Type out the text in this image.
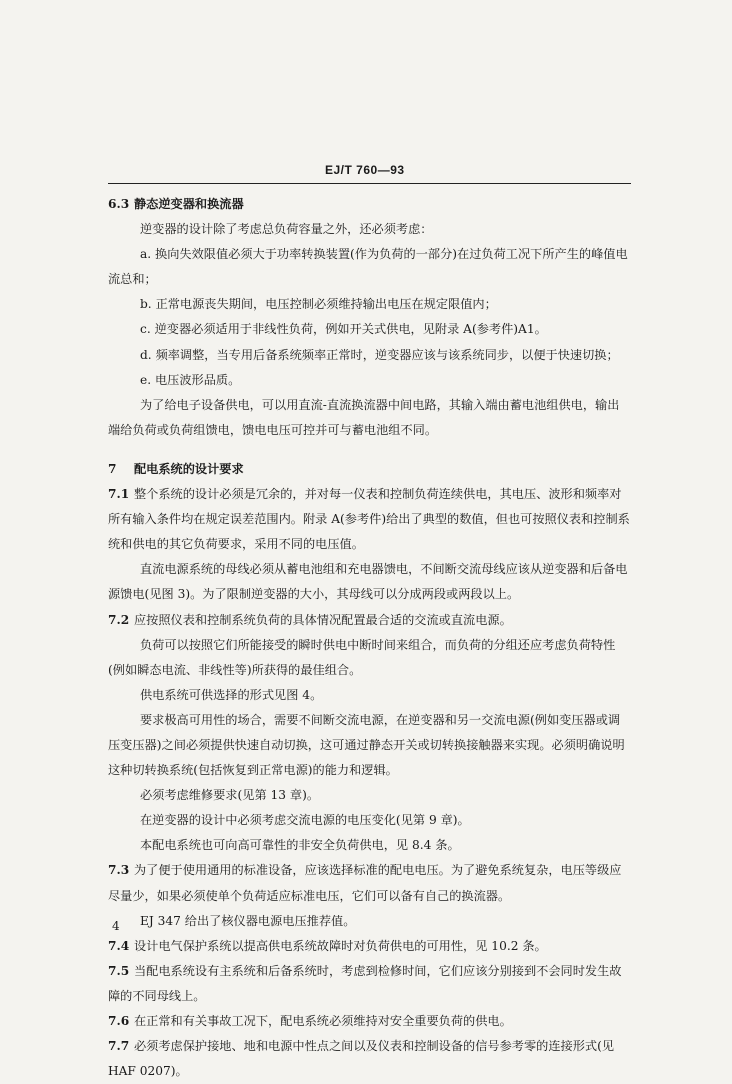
EJ/T 760—93

6.3 静态逆变器和换流器

逆变器的设计除了考虑总负荷容量之外，还必须考虑：

a. 换向失效限值必须大于功率转换装置(作为负荷的一部分)在过负荷工况下所产生的峰值电流总和；

b. 正常电源丧失期间，电压控制必须维持输出电压在规定限值内；

c. 逆变器必须适用于非线性负荷，例如开关式供电，见附录 A(参考件)A1。

d. 频率调整，当专用后备系统频率正常时，逆变器应该与该系统同步，以便于快速切换；

e. 电压波形品质。

为了给电子设备供电，可以用直流-直流换流器中间电路，其输入端由蓄电池组供电，输出端给负荷或负荷组馈电，馈电电压可控并可与蓄电池组不同。

7 配电系统的设计要求

7.1 整个系统的设计必须是冗余的，并对每一仪表和控制负荷连续供电，其电压、波形和频率对所有输入条件均在规定误差范围内。附录 A(参考件)给出了典型的数值，但也可按照仪表和控制系统和供电的其它负荷要求，采用不同的电压值。

直流电源系统的母线必须从蓄电池组和充电器馈电，不间断交流母线应该从逆变器和后备电源馈电(见图 3)。为了限制逆变器的大小，其母线可以分成两段或两段以上。

7.2 应按照仪表和控制系统负荷的具体情况配置最合适的交流或直流电源。

负荷可以按照它们所能接受的瞬时供电中断时间来组合，而负荷的分组还应考虑负荷特性(例如瞬态电流、非线性等)所获得的最佳组合。

供电系统可供选择的形式见图 4。

要求极高可用性的场合，需要不间断交流电源，在逆变器和另一交流电源(例如变压器或调压变压器)之间必须提供快速自动切换，这可通过静态开关或切转换接触器来实现。必须明确说明这种切转换系统(包括恢复到正常电源)的能力和逻辑。

必须考虑维修要求(见第 13 章)。

在逆变器的设计中必须考虑交流电源的电压变化(见第 9 章)。

本配电系统也可向高可靠性的非安全负荷供电，见 8.4 条。

7.3 为了便于使用通用的标准设备，应该选择标准的配电电压。为了避免系统复杂，电压等级应尽量少，如果必须使单个负荷适应标准电压，它们可以备有自己的换流器。

EJ 347 给出了核仪器电源电压推荐值。

7.4 设计电气保护系统以提高供电系统故障时对负荷供电的可用性，见 10.2 条。

7.5 当配电系统设有主系统和后备系统时，考虑到检修时间，它们应该分别接到不会同时发生故障的不同母线上。

7.6 在正常和有关事故工况下，配电系统必须维持对安全重要负荷的供电。

7.7 必须考虑保护接地、地和电源中性点之间以及仪表和控制设备的信号参考零的连接形式(见 HAF 0207)。

4
